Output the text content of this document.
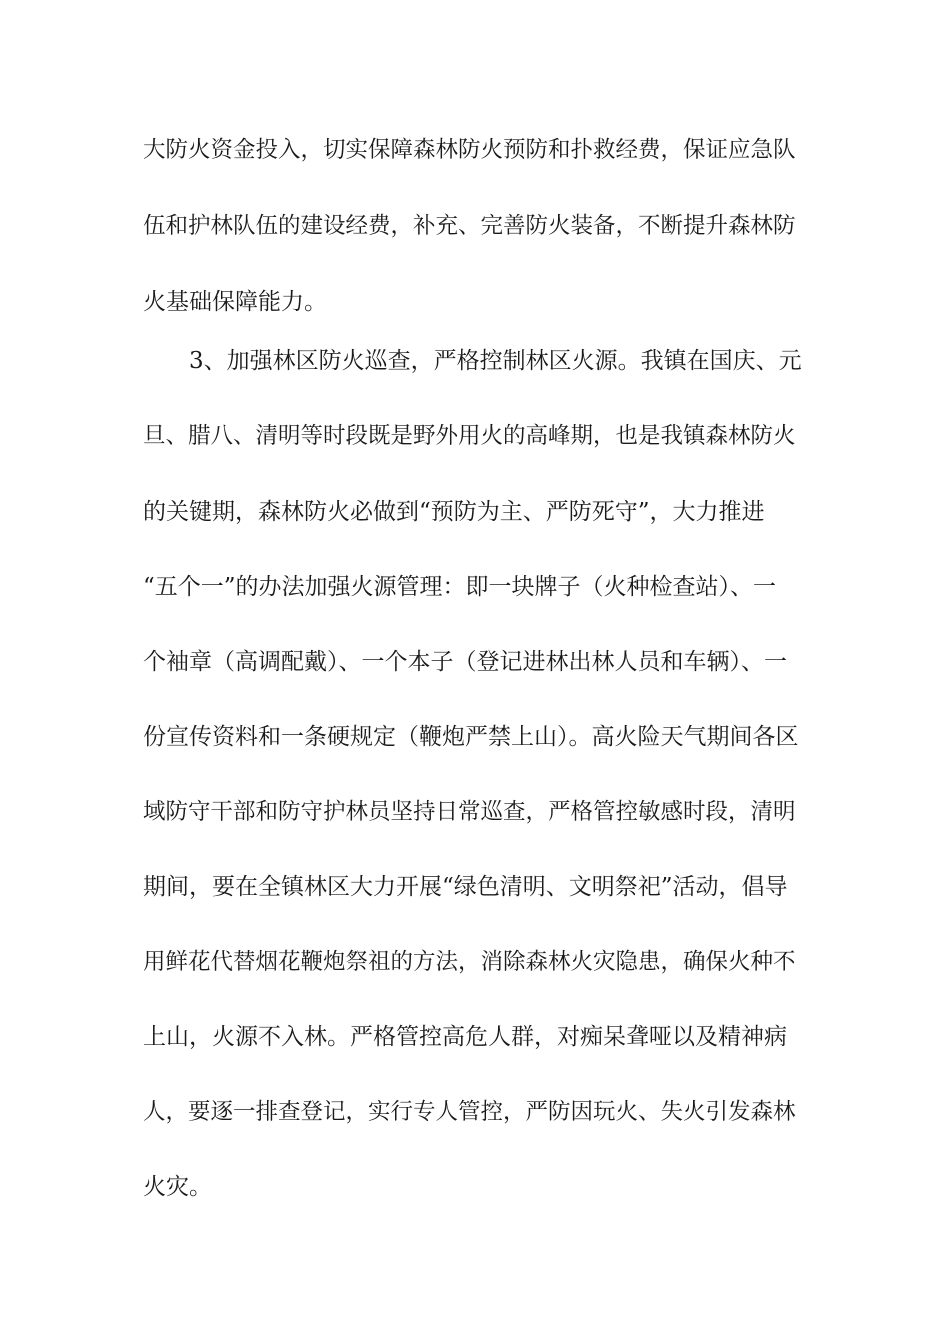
大防火资金投入，切实保障森林防火预防和扑救经费，保证应急队
伍和护林队伍的建设经费，补充、完善防火装备，不断提升森林防
火基础保障能力。
3、加强林区防火巡查，严格控制林区火源。我镇在国庆、元
旦、腊八、清明等时段既是野外用火的高峰期，也是我镇森林防火
的关键期，森林防火必做到“预防为主、严防死守”，大力推进
“五个一”的办法加强火源管理：即一块牌子（火种检查站）、一
个袖章（高调配戴）、一个本子（登记进林出林人员和车辆）、一
份宣传资料和一条硬规定（鞭炮严禁上山）。高火险天气期间各区
域防守干部和防守护林员坚持日常巡查，严格管控敏感时段，清明
期间，要在全镇林区大力开展“绿色清明、文明祭祀”活动，倡导
用鲜花代替烟花鞭炮祭祖的方法，消除森林火灾隐患，确保火种不
上山，火源不入林。严格管控高危人群，对痴呆聋哑以及精神病
人，要逐一排查登记，实行专人管控，严防因玩火、失火引发森林
火灾。
